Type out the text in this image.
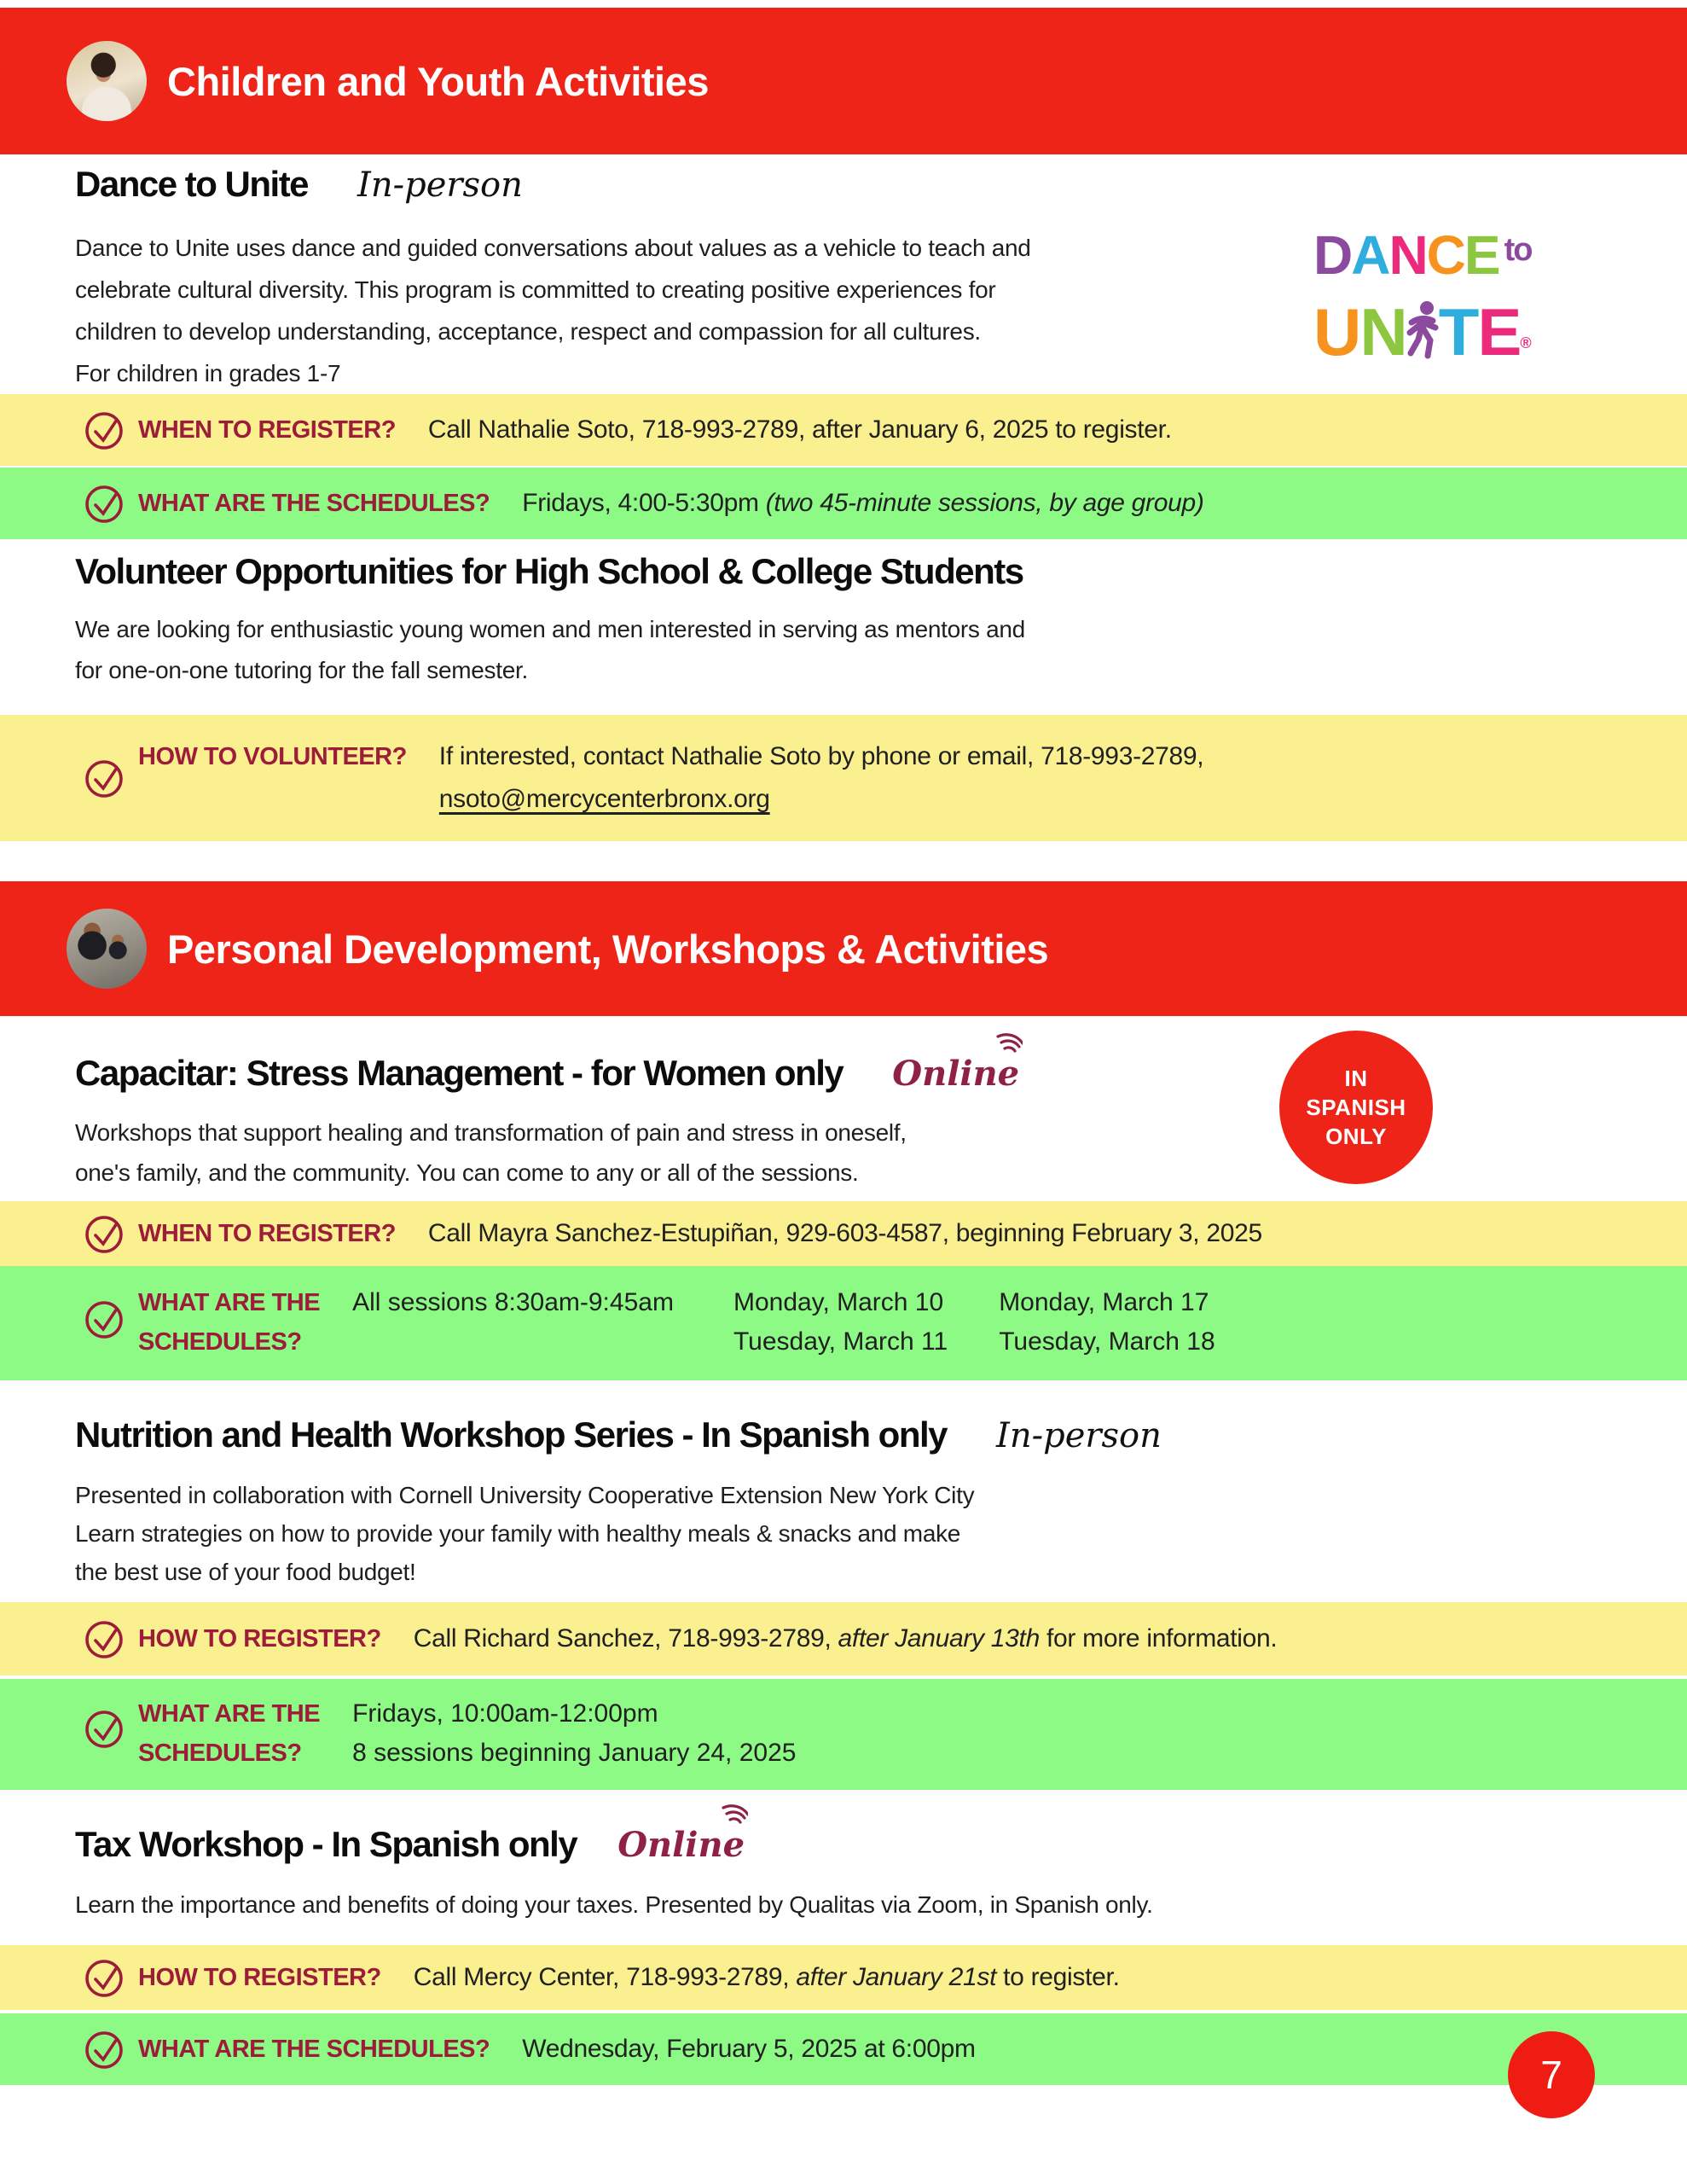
Children and Youth Activities
Dance to Unite In-person
Dance to Unite uses dance and guided conversations about values as a vehicle to teach and
celebrate cultural diversity. This program is committed to creating positive experiences for
children to develop understanding, acceptance, respect and compassion for all cultures.
For children in grades 1-7
DANCE $^{to}$
UN TE®
WHEN TO REGISTER? Call Nathalie Soto, 718-993-2789, after January 6, 2025 to register.
WHAT ARE THE SCHEDULES? Fridays, 4:00-5:30pm (two 45-minute sessions, by age group)
Volunteer Opportunities for High School & College Students
We are looking for enthusiastic young women and men interested in serving as mentors and
for one-on-one tutoring for the fall semester.
HOW TO VOLUNTEER? If interested, contact Nathalie Soto by phone or email, 718-993-2789,
nsoto@mercycenterbronx.org
Personal Development, Workshops & Activities
Capacitar: Stress Management - for Women only Online	IN
SPANISH
ONLY
Workshops that support healing and transformation of pain and stress in oneself,
one's family, and the community. You can come to any or all of the sessions.
WHEN TO REGISTER? Call Mayra Sanchez-Estupiñan, 929-603-4587, beginning February 3, 2025
WHAT ARE THE
SCHEDULES?
All sessions 8:30am-9:45am Monday, March 10
Tuesday, March 11
Monday, March 17
Tuesday, March 18
Nutrition and Health Workshop Series - In Spanish only In-person
Presented in collaboration with Cornell University Cooperative Extension New York City
Learn strategies on how to provide your family with healthy meals & snacks and make
the best use of your food budget!
HOW TO REGISTER? Call Richard Sanchez, 718-993-2789, after January 13th for more information.
WHAT ARE THE
SCHEDULES?
Fridays, 10:00am-12:00pm
8 sessions beginning January 24, 2025
Tax Workshop - In Spanish only Online
Learn the importance and benefits of doing your taxes. Presented by Qualitas via Zoom, in Spanish only.
HOW TO REGISTER? Call Mercy Center, 718-993-2789, after January 21st to register.
WHAT ARE THE SCHEDULES? Wednesday, February 5, 2025 at 6:00pm
7
